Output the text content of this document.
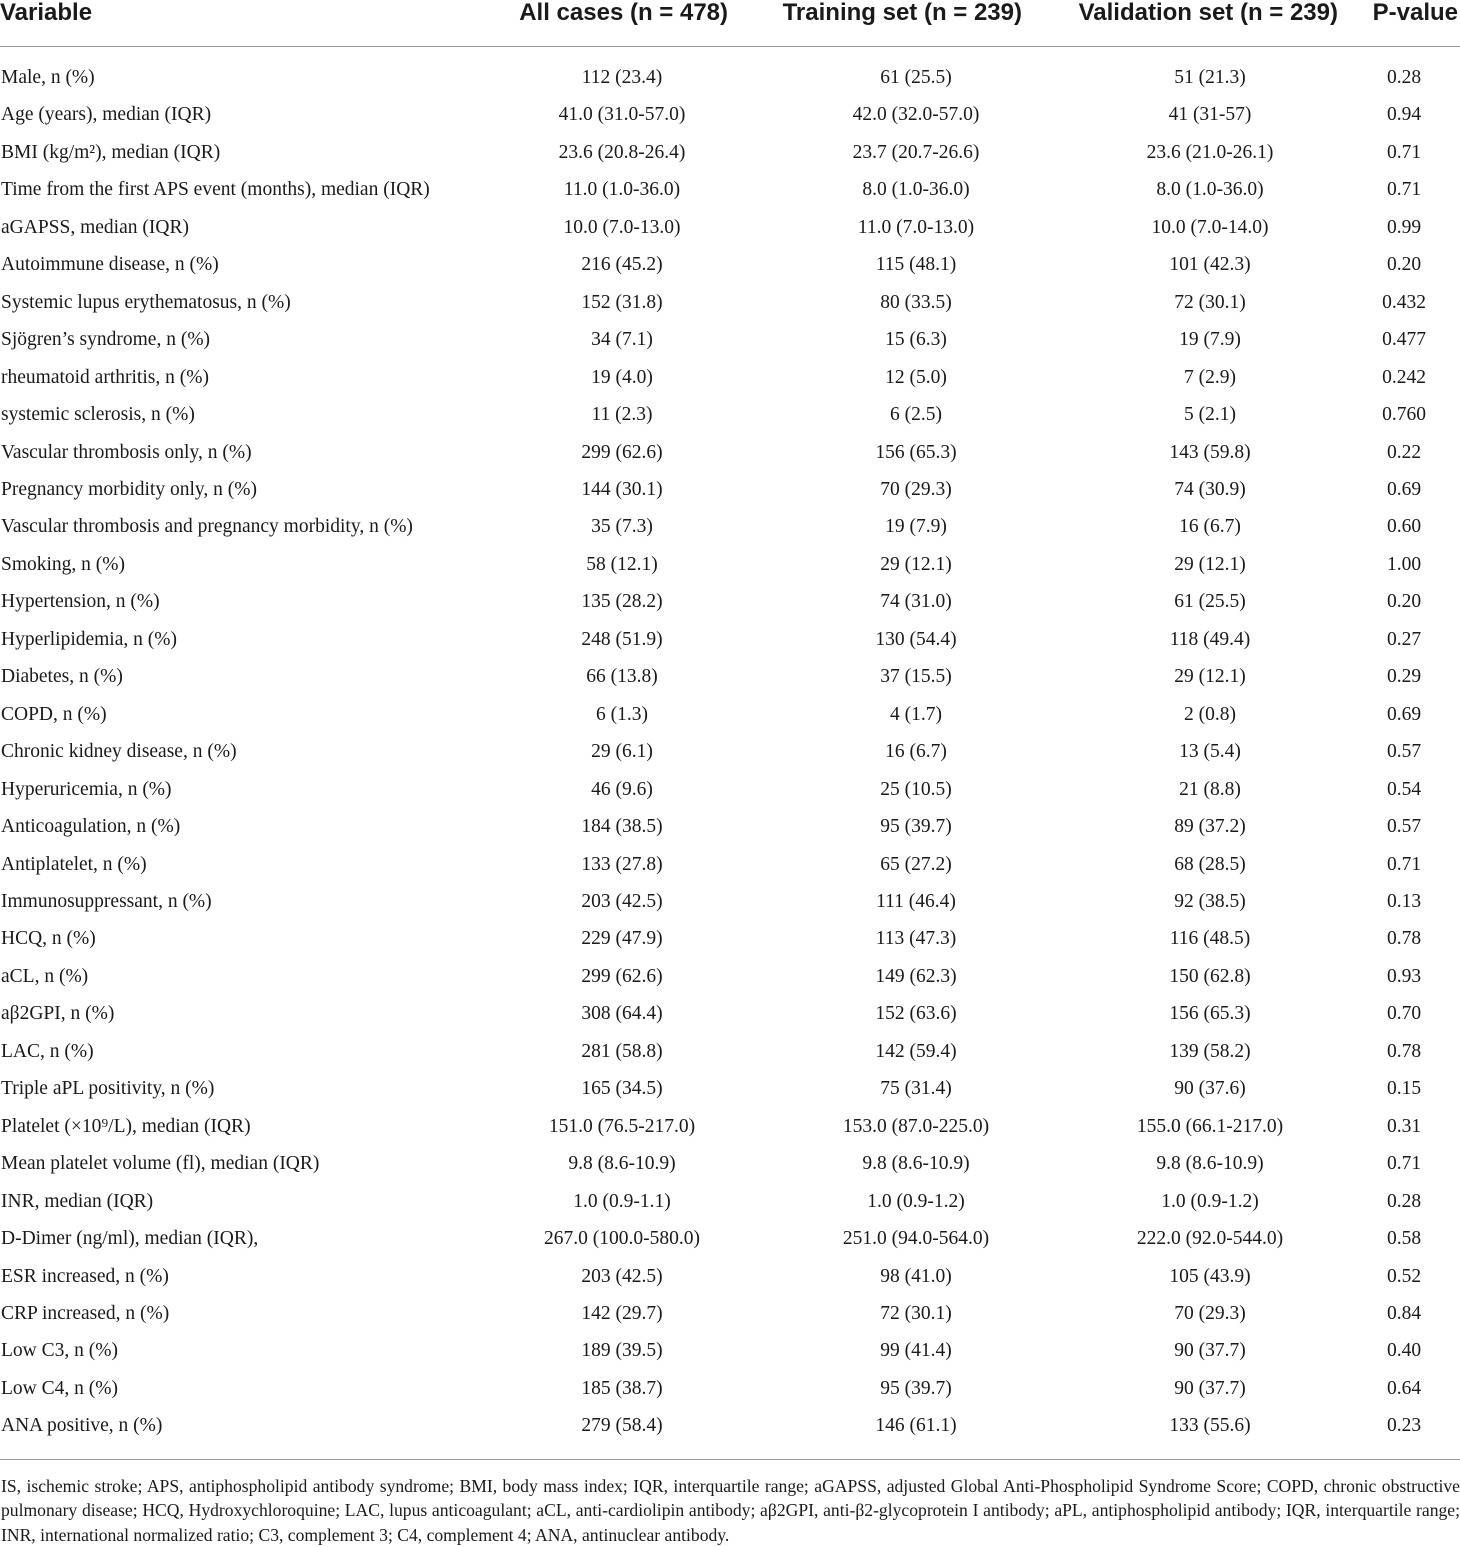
Variable	All cases (n = 478)	Training set (n = 239)	Validation set (n = 239)	P-value
Male, n (%)	112 (23.4)	61 (25.5)	51 (21.3)	0.28
Age (years), median (IQR)	41.0 (31.0-57.0)	42.0 (32.0-57.0)	41 (31-57)	0.94
BMI (kg/m²), median (IQR)	23.6 (20.8-26.4)	23.7 (20.7-26.6)	23.6 (21.0-26.1)	0.71
Time from the first APS event (months), median (IQR)	11.0 (1.0-36.0)	8.0 (1.0-36.0)	8.0 (1.0-36.0)	0.71
aGAPSS, median (IQR)	10.0 (7.0-13.0)	11.0 (7.0-13.0)	10.0 (7.0-14.0)	0.99
Autoimmune disease, n (%)	216 (45.2)	115 (48.1)	101 (42.3)	0.20
Systemic lupus erythematosus, n (%)	152 (31.8)	80 (33.5)	72 (30.1)	0.432
Sjögren’s syndrome, n (%)	34 (7.1)	15 (6.3)	19 (7.9)	0.477
rheumatoid arthritis, n (%)	19 (4.0)	12 (5.0)	7 (2.9)	0.242
systemic sclerosis, n (%)	11 (2.3)	6 (2.5)	5 (2.1)	0.760
Vascular thrombosis only, n (%)	299 (62.6)	156 (65.3)	143 (59.8)	0.22
Pregnancy morbidity only, n (%)	144 (30.1)	70 (29.3)	74 (30.9)	0.69
Vascular thrombosis and pregnancy morbidity, n (%)	35 (7.3)	19 (7.9)	16 (6.7)	0.60
Smoking, n (%)	58 (12.1)	29 (12.1)	29 (12.1)	1.00
Hypertension, n (%)	135 (28.2)	74 (31.0)	61 (25.5)	0.20
Hyperlipidemia, n (%)	248 (51.9)	130 (54.4)	118 (49.4)	0.27
Diabetes, n (%)	66 (13.8)	37 (15.5)	29 (12.1)	0.29
COPD, n (%)	6 (1.3)	4 (1.7)	2 (0.8)	0.69
Chronic kidney disease, n (%)	29 (6.1)	16 (6.7)	13 (5.4)	0.57
Hyperuricemia, n (%)	46 (9.6)	25 (10.5)	21 (8.8)	0.54
Anticoagulation, n (%)	184 (38.5)	95 (39.7)	89 (37.2)	0.57
Antiplatelet, n (%)	133 (27.8)	65 (27.2)	68 (28.5)	0.71
Immunosuppressant, n (%)	203 (42.5)	111 (46.4)	92 (38.5)	0.13
HCQ, n (%)	229 (47.9)	113 (47.3)	116 (48.5)	0.78
aCL, n (%)	299 (62.6)	149 (62.3)	150 (62.8)	0.93
aβ2GPI, n (%)	308 (64.4)	152 (63.6)	156 (65.3)	0.70
LAC, n (%)	281 (58.8)	142 (59.4)	139 (58.2)	0.78
Triple aPL positivity, n (%)	165 (34.5)	75 (31.4)	90 (37.6)	0.15
Platelet (×10⁹/L), median (IQR)	151.0 (76.5-217.0)	153.0 (87.0-225.0)	155.0 (66.1-217.0)	0.31
Mean platelet volume (fl), median (IQR)	9.8 (8.6-10.9)	9.8 (8.6-10.9)	9.8 (8.6-10.9)	0.71
INR, median (IQR)	1.0 (0.9-1.1)	1.0 (0.9-1.2)	1.0 (0.9-1.2)	0.28
D-Dimer (ng/ml), median (IQR),	267.0 (100.0-580.0)	251.0 (94.0-564.0)	222.0 (92.0-544.0)	0.58
ESR increased, n (%)	203 (42.5)	98 (41.0)	105 (43.9)	0.52
CRP increased, n (%)	142 (29.7)	72 (30.1)	70 (29.3)	0.84
Low C3, n (%)	189 (39.5)	99 (41.4)	90 (37.7)	0.40
Low C4, n (%)	185 (38.7)	95 (39.7)	90 (37.7)	0.64
ANA positive, n (%)	279 (58.4)	146 (61.1)	133 (55.6)	0.23
IS, ischemic stroke; APS, antiphospholipid antibody syndrome; BMI, body mass index; IQR, interquartile range; aGAPSS, adjusted Global Anti-Phospholipid Syndrome Score; COPD, chronic obstructive pulmonary disease; HCQ, Hydroxychloroquine; LAC, lupus anticoagulant; aCL, anti-cardiolipin antibody; aβ2GPI, anti-β2-glycoprotein I antibody; aPL, antiphospholipid antibody; IQR, interquartile range; INR, international normalized ratio; C3, complement 3; C4, complement 4; ANA, antinuclear antibody.
